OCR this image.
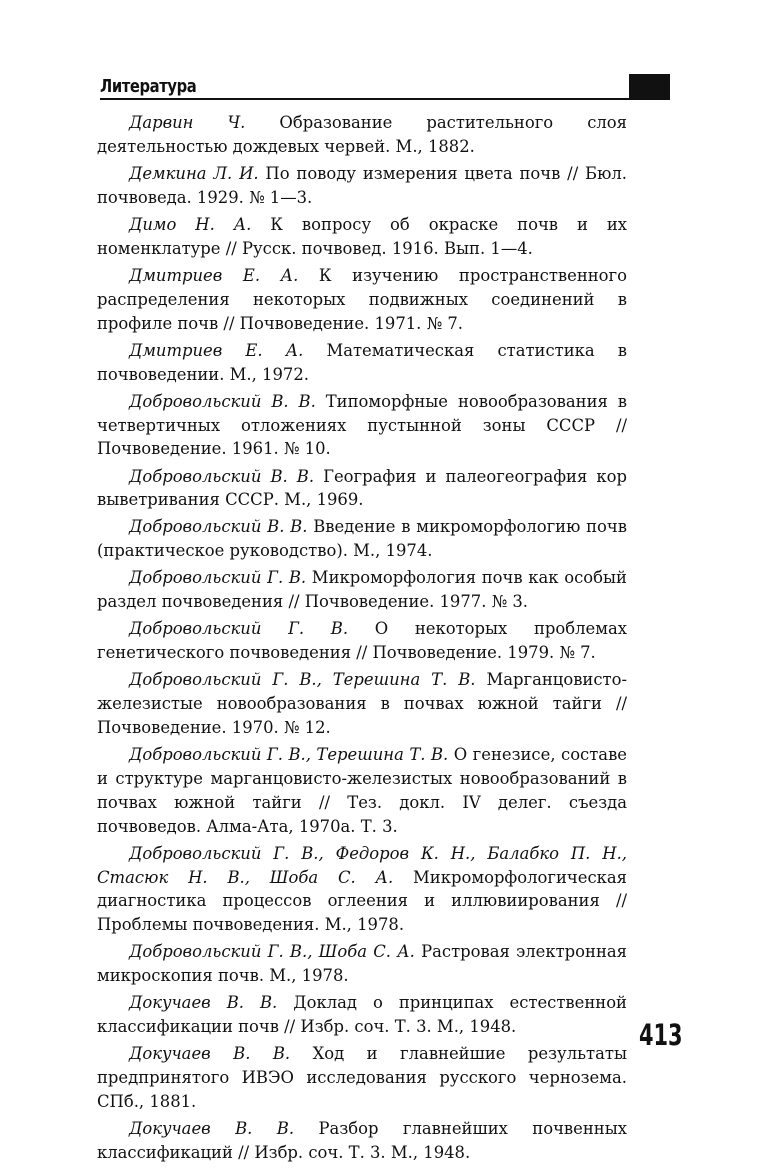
Литература

Дарвин Ч. Образование растительного слоя деятельностью дождевых червей. М., 1882.

Демкина Л. И. По поводу измерения цвета почв // Бюл. почвоведа. 1929. № 1—3.

Димо Н. А. К вопросу об окраске почв и их номенклатуре // Русск. почвовед. 1916. Вып. 1—4.

Дмитриев Е. А. К изучению пространственного распределения некоторых подвижных соединений в профиле почв // Почвоведение. 1971. № 7.

Дмитриев Е. А. Математическая статистика в почвоведении. М., 1972.

Добровольский В. В. Типоморфные новообразования в четвертичных отложениях пустынной зоны СССР // Почвоведение. 1961. № 10.

Добровольский В. В. География и палеогеография кор выветривания СССР. М., 1969.

Добровольский В. В. Введение в микроморфологию почв (практическое руководство). М., 1974.

Добровольский Г. В. Микроморфология почв как особый раздел почвоведения // Почвоведение. 1977. № 3.

Добровольский Г. В. О некоторых проблемах генетического почвоведения // Почвоведение. 1979. № 7.

Добровольский Г. В., Терешина Т. В. Марганцовисто-железистые новообразования в почвах южной тайги // Почвоведение. 1970. № 12.

Добровольский Г. В., Терешина Т. В. О генезисе, составе и структуре марганцовисто-железистых новообразований в почвах южной тайги // Тез. докл. IV делег. съезда почвоведов. Алма-Ата, 1970а. Т. 3.

Добровольский Г. В., Федоров К. Н., Балабко П. Н., Стасюк Н. В., Шоба С. А. Микроморфологическая диагностика процессов оглеения и иллювиирования // Проблемы почвоведения. М., 1978.

Добровольский Г. В., Шоба С. А. Растровая электронная микроскопия почв. М., 1978.

Докучаев В. В. Доклад о принципах естественной классификации почв // Избр. соч. Т. 3. М., 1948.

Докучаев В. В. Ход и главнейшие результаты предпринятого ИВЭО исследования русского чернозема. СПб., 1881.

Докучаев В. В. Разбор главнейших почвенных классификаций // Избр. соч. Т. 3. М., 1948.

413
